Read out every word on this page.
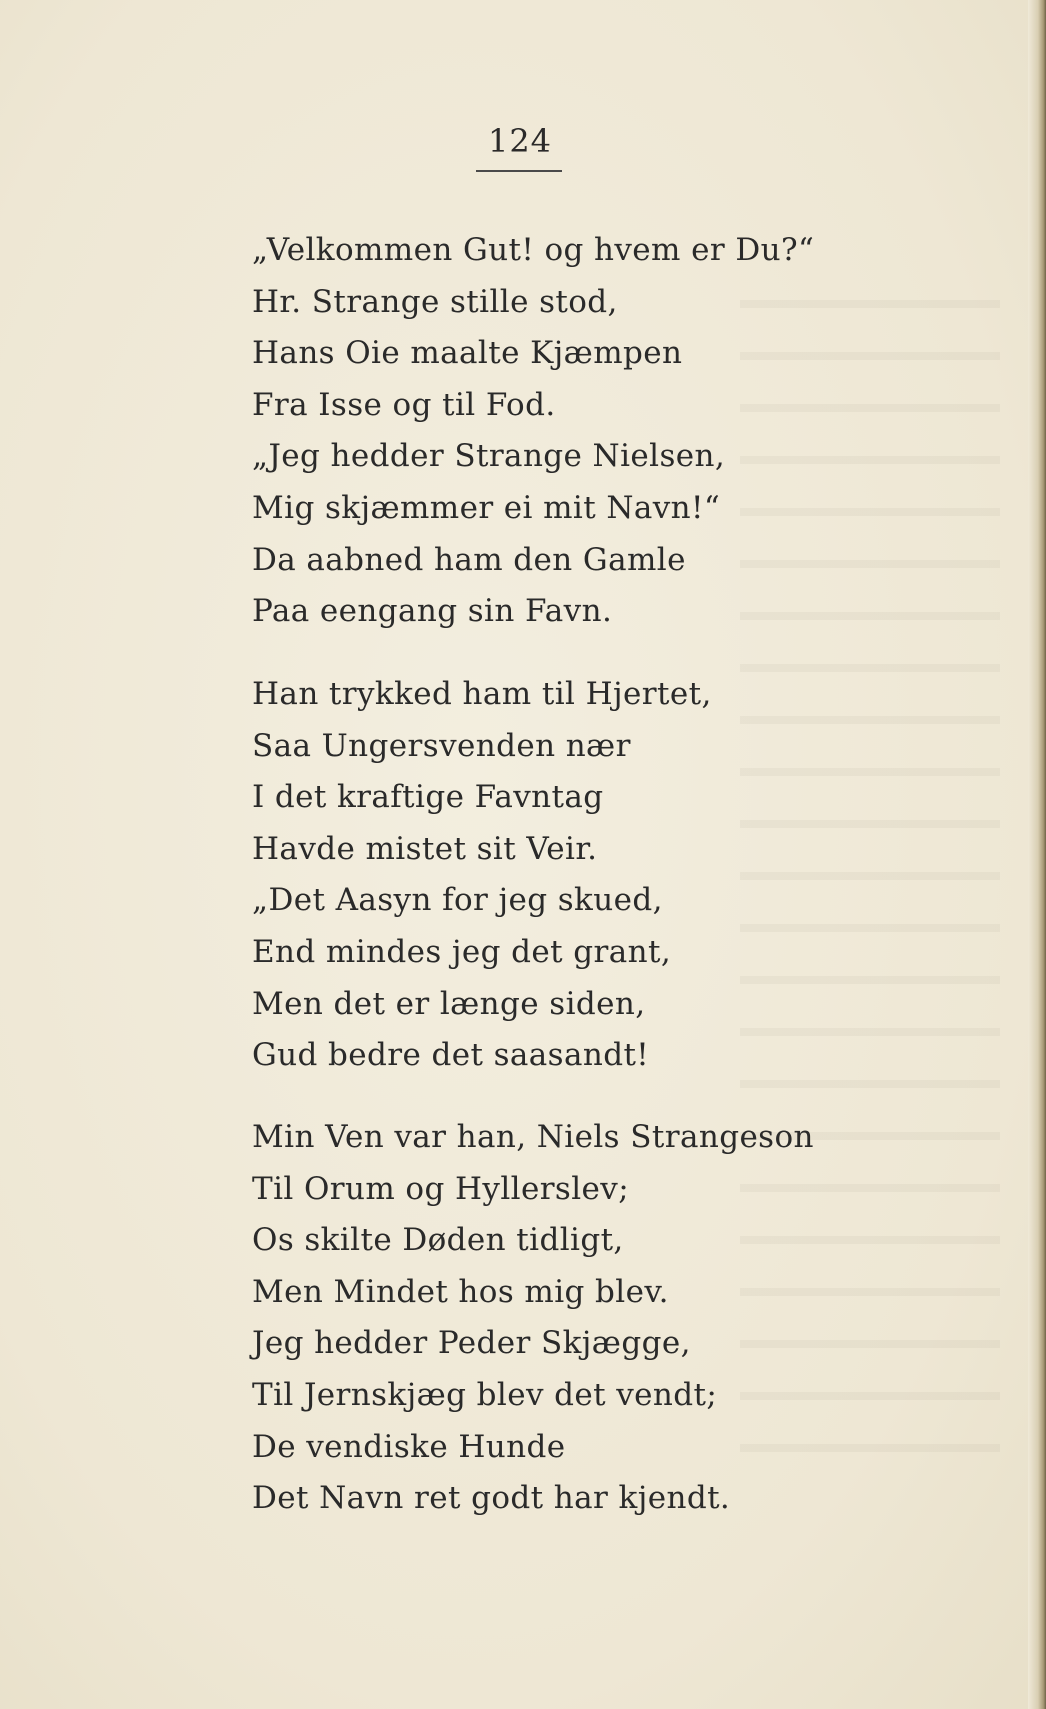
124
„Velkommen Gut! og hvem er Du?“
Hr. Strange stille stod,
Hans Oie maalte Kjæmpen
Fra Isse og til Fod.
„Jeg hedder Strange Nielsen,
Mig skjæmmer ei mit Navn!“
Da aabned ham den Gamle
Paa eengang sin Favn.
Han trykked ham til Hjertet,
Saa Ungersvenden nær
I det kraftige Favntag
Havde mistet sit Veir.
„Det Aasyn for jeg skued,
End mindes jeg det grant,
Men det er længe siden,
Gud bedre det saasandt!
Min Ven var han, Niels Strangeson
Til Orum og Hyllerslev;
Os skilte Døden tidligt,
Men Mindet hos mig blev.
Jeg hedder Peder Skjægge,
Til Jernskjæg blev det vendt;
De vendiske Hunde
Det Navn ret godt har kjendt.
